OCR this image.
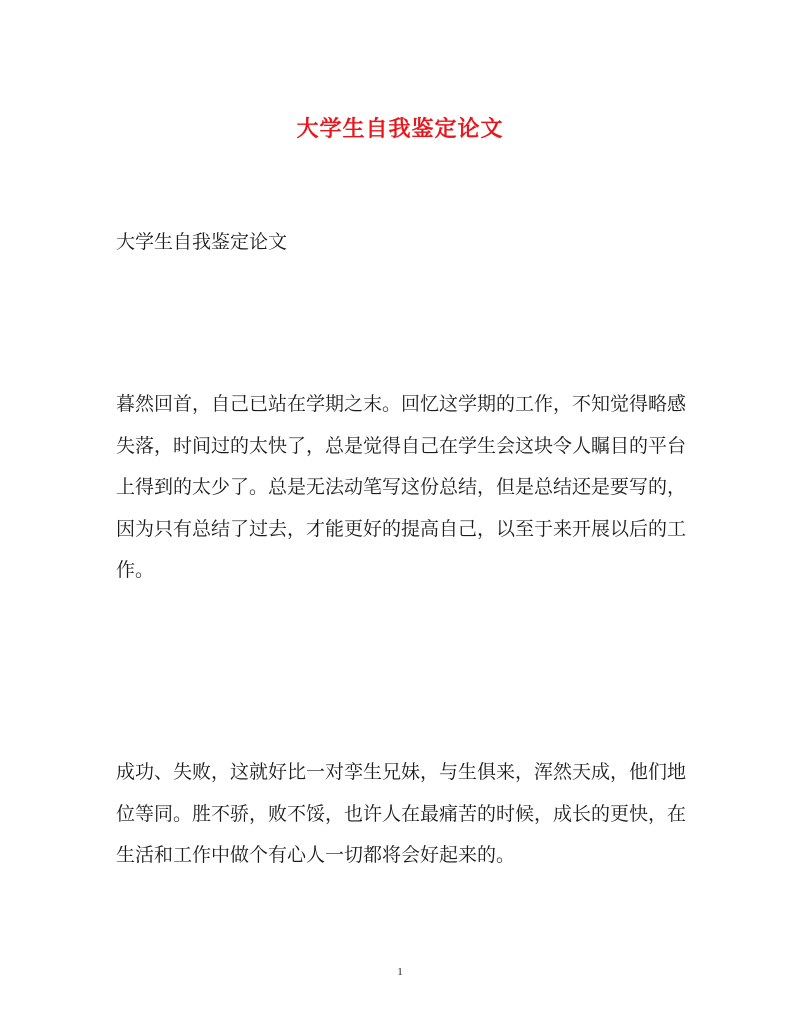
大学生自我鉴定论文
大学生自我鉴定论文
暮然回首，自己已站在学期之末。回忆这学期的工作，不知觉得略感
失落，时间过的太快了，总是觉得自己在学生会这块令人瞩目的平台
上得到的太少了。总是无法动笔写这份总结，但是总结还是要写的，
因为只有总结了过去，才能更好的提高自己，以至于来开展以后的工
作。
成功、失败，这就好比一对孪生兄妹，与生俱来，浑然天成，他们地
位等同。胜不骄，败不馁，也许人在最痛苦的时候，成长的更快，在
生活和工作中做个有心人一切都将会好起来的。
1
